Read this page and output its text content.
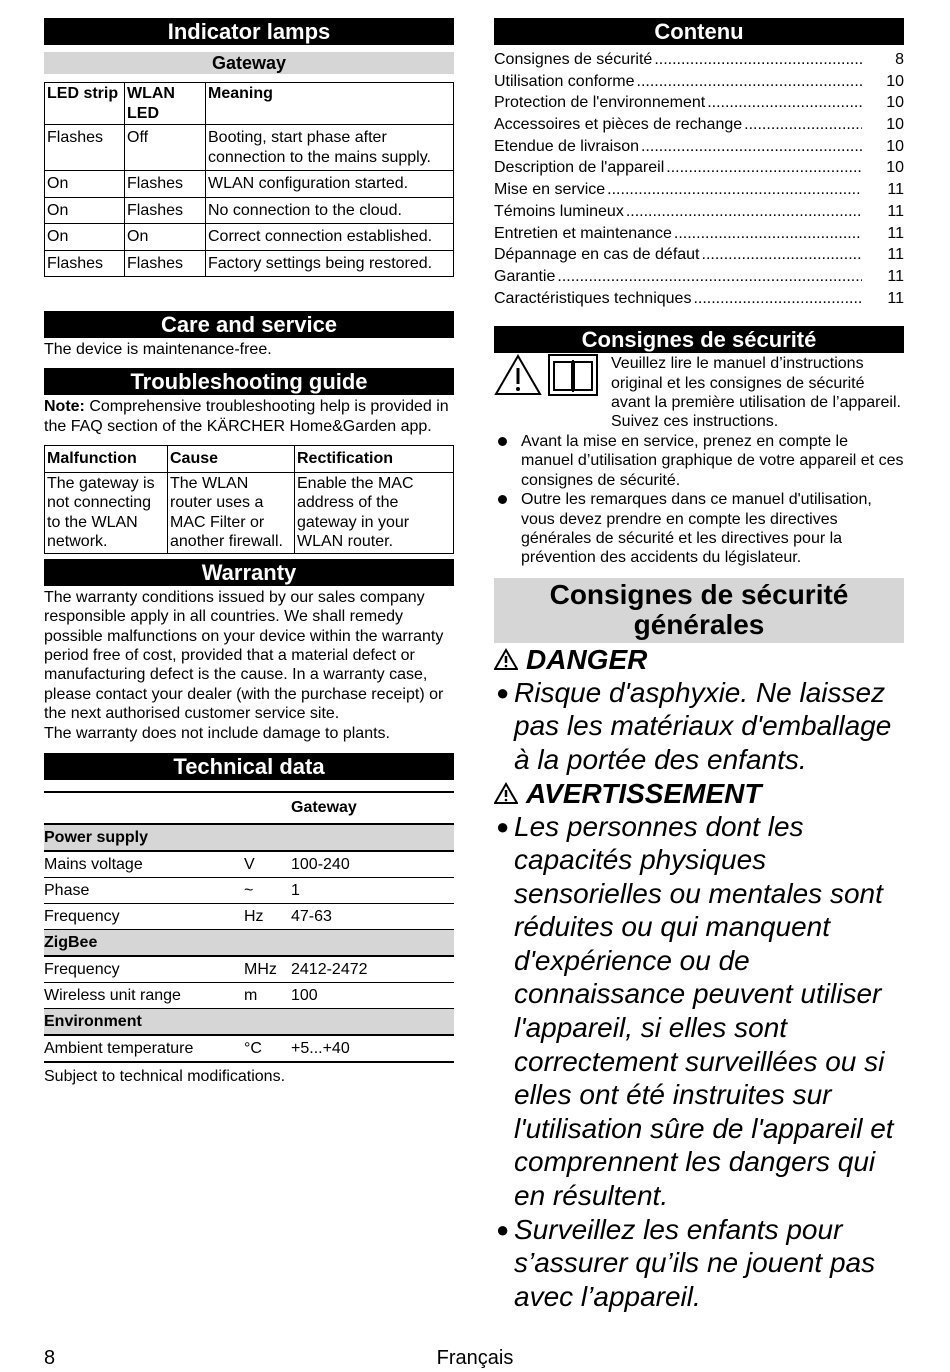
Indicator lamps
Gateway
LED strip	WLAN LED	Meaning
Flashes	Off	Booting, start phase after connection to the mains supply.
On	Flashes	WLAN configuration started.
On	Flashes	No connection to the cloud.
On	On	Correct connection established.
Flashes	Flashes	Factory settings being restored.
Care and service

The device is maintenance-free.

Troubleshooting guide

Note: Comprehensive troubleshooting help is provided in the FAQ section of the KÄRCHER Home&Garden app.

Malfunction	Cause	Rectification
The gateway is not connecting to the WLAN network.	The WLAN router uses a MAC Filter or another firewall.	Enable the MAC address of the gateway in your WLAN router.
Warranty

The warranty conditions issued by our sales company responsible apply in all countries. We shall remedy possible malfunctions on your device within the warranty period free of cost, provided that a material defect or manufacturing defect is the cause. In a warranty case, please contact your dealer (with the purchase receipt) or the next authorised customer service site.

The warranty does not include damage to plants.

Technical data
		Gateway
Power supply		
Mains voltage	V	100-240
Phase	~	1
Frequency	Hz	47-63
ZigBee		
Frequency	MHz	2412-2472
Wireless unit range	m	100
Environment		
Ambient temperature	°C	+5...+40

Subject to technical modifications.

Contenu
Consignes de sécurité .....	8
Utilisation conforme .....	10
Protection de l'environnement .....	10
Accessoires et pièces de rechange .....	10
Etendue de livraison .....	10
Description de l'appareil .....	10
Mise en service .....	11
Témoins lumineux .....	11
Entretien et maintenance .....	11
Dépannage en cas de défaut .....	11
Garantie .....	11
Caractéristiques techniques .....	11
Consignes de sécurité

Veuillez lire le manuel d’instructions original et les consignes de sécurité avant la première utilisation de l’appareil. Suivez ces instructions.

Avant la mise en service, prenez en compte le manuel d’utilisation graphique de votre appareil et ces consignes de sécurité.
Outre les remarques dans ce manuel d'utilisation, vous devez prendre en compte les directives générales de sécurité et les directives pour la prévention des accidents du législateur.
Consignes de sécurité générales
DANGER
● Risque d'asphyxie. Ne laissez pas les matériaux d'emballage à la portée des enfants.
AVERTISSEMENT
● Les personnes dont les capacités physiques sensorielles ou mentales sont réduites ou qui manquent d'expérience ou de connaissance peuvent utiliser l'appareil, si elles sont correctement surveillées ou si elles ont été instruites sur l'utilisation sûre de l'appareil et comprennent les dangers qui en résultent.
● Surveillez les enfants pour s’assurer qu’ils ne jouent pas avec l’appareil.
8	Français
